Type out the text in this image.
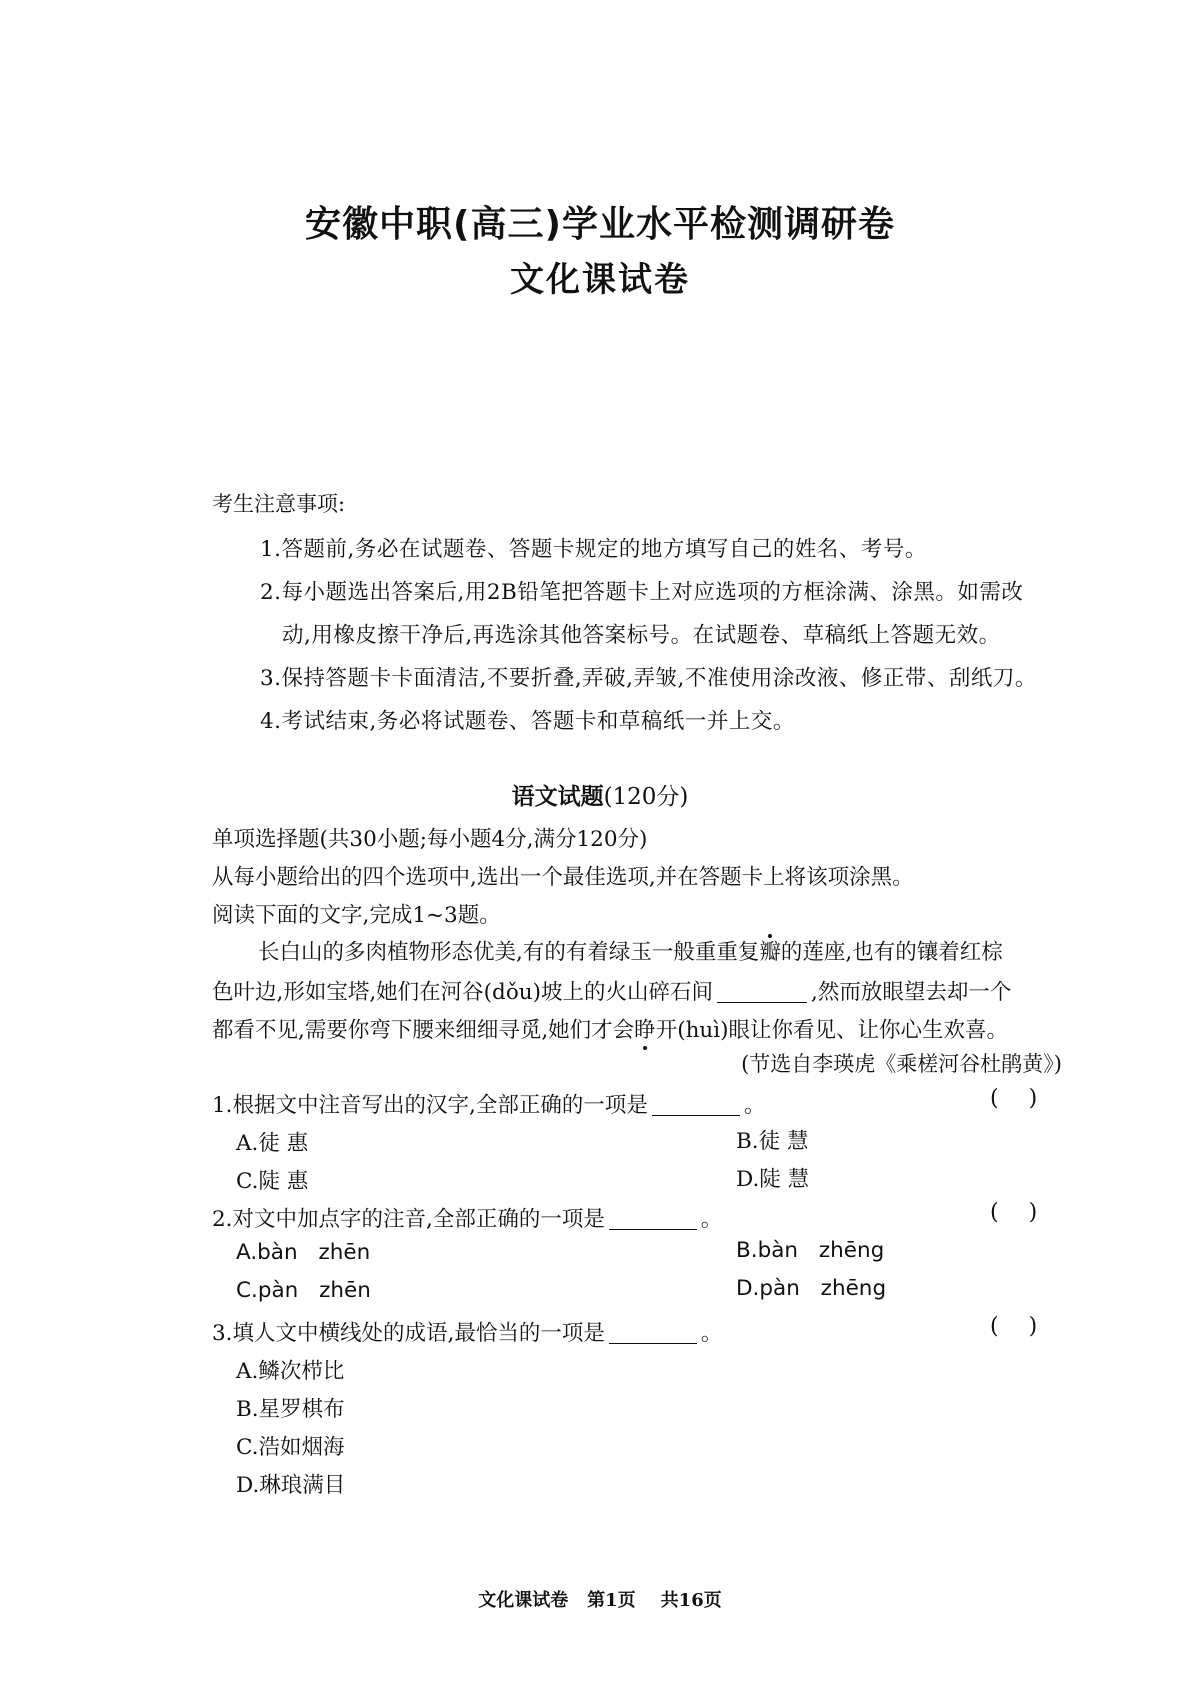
安徽中职(高三)学业水平检测调研卷
文化课试卷
考生注意事项:
1.答题前,务必在试题卷、答题卡规定的地方填写自己的姓名、考号。
2.每小题选出答案后,用2B铅笔把答题卡上对应选项的方框涂满、涂黑。如需改
动,用橡皮擦干净后,再选涂其他答案标号。在试题卷、草稿纸上答题无效。
3.保持答题卡卡面清洁,不要折叠,弄破,弄皱,不准使用涂改液、修正带、刮纸刀。
4.考试结束,务必将试题卷、答题卡和草稿纸一并上交。
语文试题(120分)
单项选择题(共30小题;每小题4分,满分120分)
从每小题给出的四个选项中,选出一个最佳选项,并在答题卡上将该项涂黑。
阅读下面的文字,完成1~3题。
长白山的多肉植物形态优美,有的有着绿玉一般重重复瓣的莲座,也有的镶着红棕
色叶边,形如宝塔,她们在河谷(dǒu)坡上的火山碎石间	,然而放眼望去却一个
都看不见,需要你弯下腰来细细寻觅,她们才会睁开(huì)眼让你看见、让你心生欢喜。
(节选自李瑛虎《乘槎河谷杜鹃黄》)
1.根据文中注音写出的汉字,全部正确的一项是	。	()
A.徒 惠	B.徒 慧
C.陡 惠	D.陡 慧
2.对文中加点字的注音,全部正确的一项是	。	()
A.bàn zhēn	B.bàn zhēng
C.pàn zhēn	D.pàn zhēng
3.填人文中横线处的成语,最恰当的一项是	。	()
A.鳞次栉比
B.星罗棋布
C.浩如烟海
D.琳琅满目
文化课试卷 第1页 共16页
